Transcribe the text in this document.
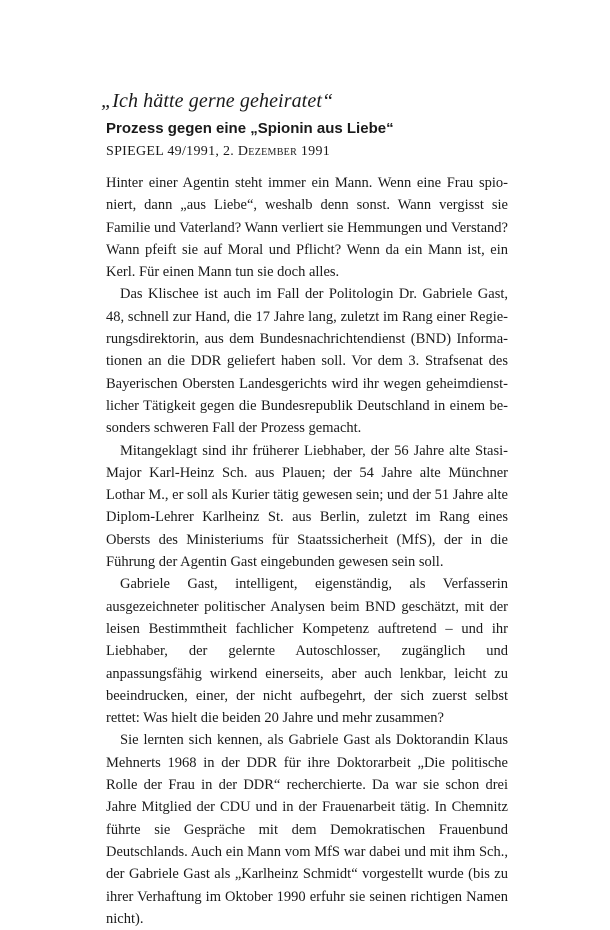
„Ich hätte gerne geheiratet“
Prozess gegen eine „Spionin aus Liebe“
SPIEGEL 49/1991, 2. Dezember 1991

Hinter einer Agentin steht immer ein Mann. Wenn eine Frau spioniert, dann „aus Liebe“, weshalb denn sonst. Wann vergisst sie Familie und Vaterland? Wann verliert sie Hemmungen und Verstand? Wann pfeift sie auf Moral und Pflicht? Wenn da ein Mann ist, ein Kerl. Für einen Mann tun sie doch alles.

Das Klischee ist auch im Fall der Politologin Dr. Gabriele Gast, 48, schnell zur Hand, die 17 Jahre lang, zuletzt im Rang einer Regierungsdirektorin, aus dem Bundesnachrichtendienst (BND) Informationen an die DDR geliefert haben soll. Vor dem 3. Strafsenat des Bayerischen Obersten Landesgerichts wird ihr wegen geheimdienstlicher Tätigkeit gegen die Bundesrepublik Deutschland in einem besonders schweren Fall der Prozess gemacht.

Mitangeklagt sind ihr früherer Liebhaber, der 56 Jahre alte Stasi-Major Karl-Heinz Sch. aus Plauen; der 54 Jahre alte Münchner Lothar M., er soll als Kurier tätig gewesen sein; und der 51 Jahre alte Diplom-Lehrer Karlheinz St. aus Berlin, zuletzt im Rang eines Obersts des Ministeriums für Staatssicherheit (MfS), der in die Führung der Agentin Gast eingebunden gewesen sein soll.

Gabriele Gast, intelligent, eigenständig, als Verfasserin ausgezeichneter politischer Analysen beim BND geschätzt, mit der leisen Bestimmtheit fachlicher Kompetenz auftretend – und ihr Liebhaber, der gelernte Autoschlosser, zugänglich und anpassungsfähig wirkend einerseits, aber auch lenkbar, leicht zu beeindrucken, einer, der nicht aufbegehrt, der sich zuerst selbst rettet: Was hielt die beiden 20 Jahre und mehr zusammen?

Sie lernten sich kennen, als Gabriele Gast als Doktorandin Klaus Mehnerts 1968 in der DDR für ihre Doktorarbeit „Die politische Rolle der Frau in der DDR“ recherchierte. Da war sie schon drei Jahre Mitglied der CDU und in der Frauenarbeit tätig. In Chemnitz führte sie Gespräche mit dem Demokratischen Frauenbund Deutschlands. Auch ein Mann vom MfS war dabei und mit ihm Sch., der Gabriele Gast als „Karlheinz Schmidt“ vorgestellt wurde (bis zu ihrer Verhaftung im Oktober 1990 erfuhr sie seinen richtigen Namen nicht).
